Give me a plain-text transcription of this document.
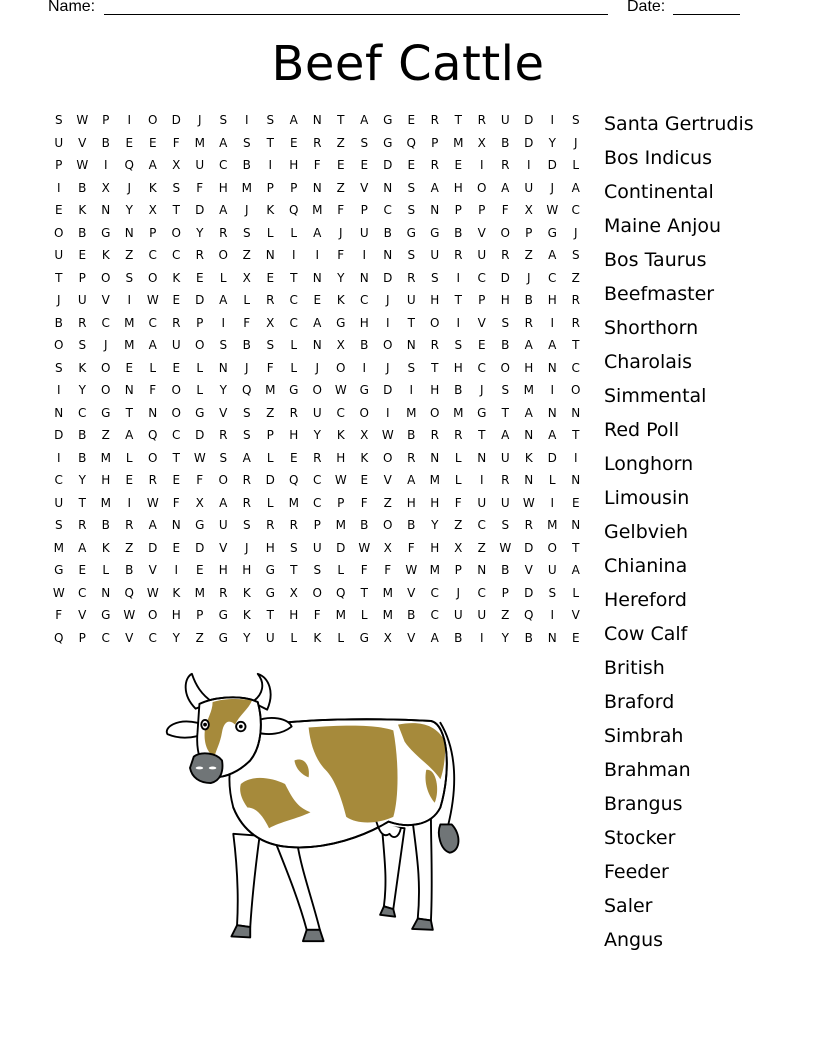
Name:	Date:
Beef Cattle
S	W	P	I	O	D	J	S	I	S	A	N	T	A	G	E	R	T	R	U	D	I	S
U	V	B	E	E	F	M	A	S	T	E	R	Z	S	G	Q	P	M	X	B	D	Y	J
P	W	I	Q	A	X	U	C	B	I	H	F	E	E	D	E	R	E	I	R	I	D	L
I	B	X	J	K	S	F	H	M	P	P	N	Z	V	N	S	A	H	O	A	U	J	A
E	K	N	Y	X	T	D	A	J	K	Q	M	F	P	C	S	N	P	P	F	X	W	C
O	B	G	N	P	O	Y	R	S	L	L	A	J	U	B	G	G	B	V	O	P	G	J
U	E	K	Z	C	C	R	O	Z	N	I	I	F	I	N	S	U	R	U	R	Z	A	S
T	P	O	S	O	K	E	L	X	E	T	N	Y	N	D	R	S	I	C	D	J	C	Z
J	U	V	I	W	E	D	A	L	R	C	E	K	C	J	U	H	T	P	H	B	H	R
B	R	C	M	C	R	P	I	F	X	C	A	G	H	I	T	O	I	V	S	R	I	R
O	S	J	M	A	U	O	S	B	S	L	N	X	B	O	N	R	S	E	B	A	A	T
S	K	O	E	L	E	L	N	J	F	L	J	O	I	J	S	T	H	C	O	H	N	C
I	Y	O	N	F	O	L	Y	Q	M	G	O	W	G	D	I	H	B	J	S	M	I	O
N	C	G	T	N	O	G	V	S	Z	R	U	C	O	I	M	O	M	G	T	A	N	N
D	B	Z	A	Q	C	D	R	S	P	H	Y	K	X	W	B	R	R	T	A	N	A	T
I	B	M	L	O	T	W	S	A	L	E	R	H	K	O	R	N	L	N	U	K	D	I
C	Y	H	E	R	E	F	O	R	D	Q	C	W	E	V	A	M	L	I	R	N	L	N
U	T	M	I	W	F	X	A	R	L	M	C	P	F	Z	H	H	F	U	U	W	I	E
S	R	B	R	A	N	G	U	S	R	R	P	M	B	O	B	Y	Z	C	S	R	M	N
M	A	K	Z	D	E	D	V	J	H	S	U	D	W	X	F	H	X	Z	W	D	O	T
G	E	L	B	V	I	E	H	H	G	T	S	L	F	F	W	M	P	N	B	V	U	A
W	C	N	Q	W	K	M	R	K	G	X	O	Q	T	M	V	C	J	C	P	D	S	L
F	V	G	W	O	H	P	G	K	T	H	F	M	L	M	B	C	U	U	Z	Q	I	V
Q	P	C	V	C	Y	Z	G	Y	U	L	K	L	G	X	V	A	B	I	Y	B	N	E
Santa Gertrudis
Bos Indicus
Continental
Maine Anjou
Bos Taurus
Beefmaster
Shorthorn
Charolais
Simmental
Red Poll
Longhorn
Limousin
Gelbvieh
Chianina
Hereford
Cow Calf
British
Braford
Simbrah
Brahman
Brangus
Stocker
Feeder
Saler
Angus
